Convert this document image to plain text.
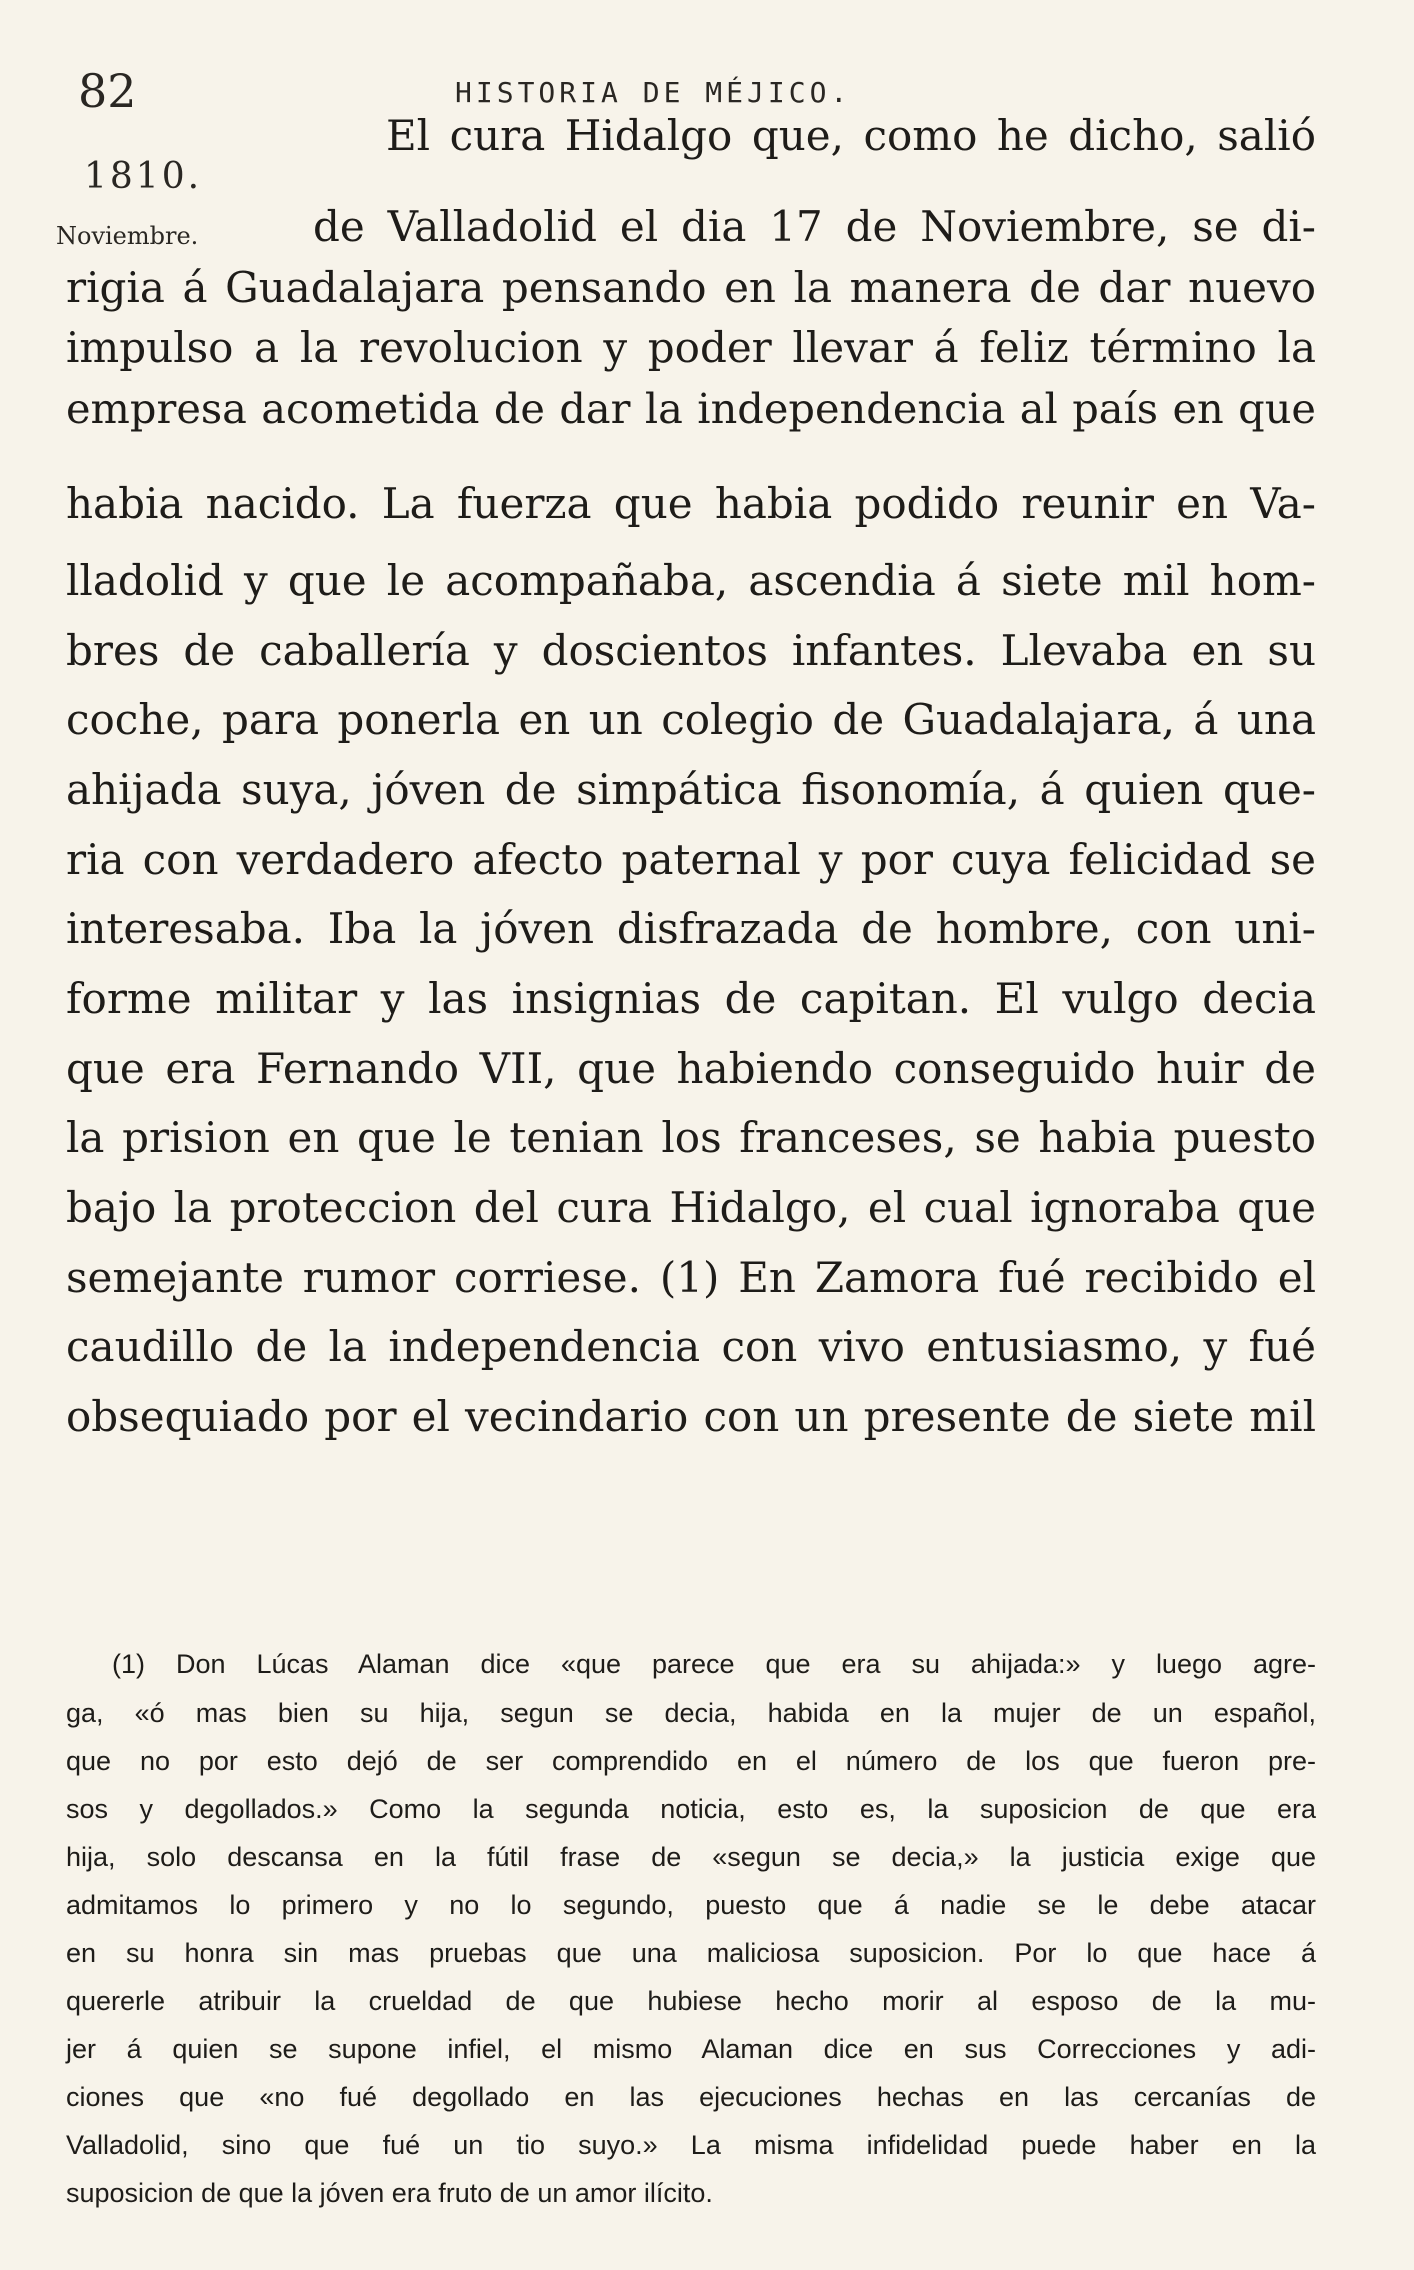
82	HISTORIA DE MÉJICO.
1810.
Noviembre.
El cura Hidalgo que, como he dicho, salió
de Valladolid el dia 17 de Noviembre, se di-
rigia á Guadalajara pensando en la manera de dar nuevo
impulso a la revolucion y poder llevar á feliz término la
empresa acometida de dar la independencia al país en que
habia nacido. La fuerza que habia podido reunir en Va-
lladolid y que le acompañaba, ascendia á siete mil hom-
bres de caballería y doscientos infantes. Llevaba en su
coche, para ponerla en un colegio de Guadalajara, á una
ahijada suya, jóven de simpática fisonomía, á quien que-
ria con verdadero afecto paternal y por cuya felicidad se
interesaba. Iba la jóven disfrazada de hombre, con uni-
forme militar y las insignias de capitan. El vulgo decia
que era Fernando VII, que habiendo conseguido huir de
la prision en que le tenian los franceses, se habia puesto
bajo la proteccion del cura Hidalgo, el cual ignoraba que
semejante rumor corriese. (1) En Zamora fué recibido el
caudillo de la independencia con vivo entusiasmo, y fué
obsequiado por el vecindario con un presente de siete mil
(1) Don Lúcas Alaman dice «que parece que era su ahijada:» y luego agre-
ga, «ó mas bien su hija, segun se decia, habida en la mujer de un español,
que no por esto dejó de ser comprendido en el número de los que fueron pre-
sos y degollados.» Como la segunda noticia, esto es, la suposicion de que era
hija, solo descansa en la fútil frase de «segun se decia,» la justicia exige que
admitamos lo primero y no lo segundo, puesto que á nadie se le debe atacar
en su honra sin mas pruebas que una maliciosa suposicion. Por lo que hace á
quererle atribuir la crueldad de que hubiese hecho morir al esposo de la mu-
jer á quien se supone infiel, el mismo Alaman dice en sus Correcciones y adi-
ciones que «no fué degollado en las ejecuciones hechas en las cercanías de
Valladolid, sino que fué un tio suyo.» La misma infidelidad puede haber en la
suposicion de que la jóven era fruto de un amor ilícito.
